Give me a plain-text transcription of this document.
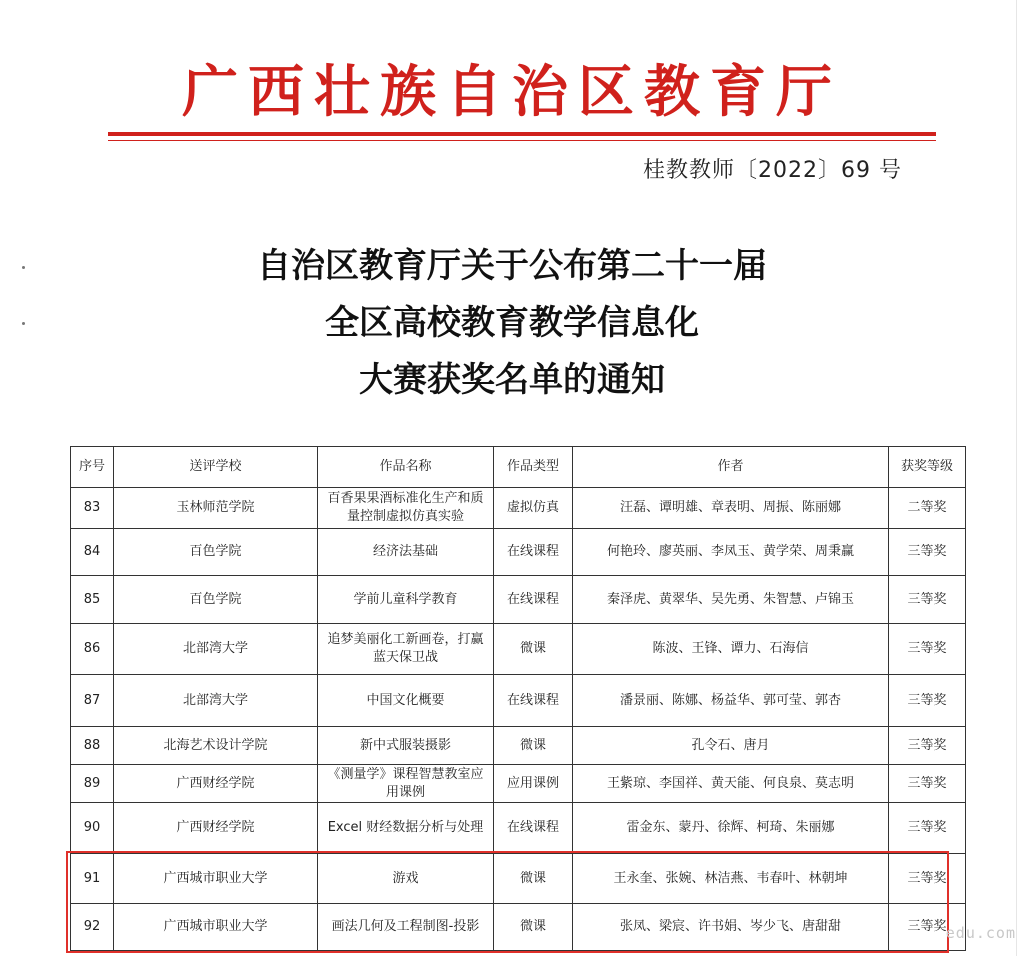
广西壮族自治区教育厅
桂教教师〔2022〕69 号
自治区教育厅关于公布第二十一届
全区高校教育教学信息化
大赛获奖名单的通知
序号	送评学校	作品名称	作品类型	作者	获奖等级
83	玉林师范学院	百香果果酒标准化生产和质量控制虚拟仿真实验	虚拟仿真	汪磊、谭明雄、章表明、周振、陈丽娜	二等奖
84	百色学院	经济法基础	在线课程	何艳玲、廖英丽、李凤玉、黄学荣、周秉赢	三等奖
85	百色学院	学前儿童科学教育	在线课程	秦泽虎、黄翠华、吴先勇、朱智慧、卢锦玉	三等奖
86	北部湾大学	追梦美丽化工新画卷，打赢蓝天保卫战	微课	陈波、王锋、谭力、石海信	三等奖
87	北部湾大学	中国文化概要	在线课程	潘景丽、陈娜、杨益华、郭可莹、郭杏	三等奖
88	北海艺术设计学院	新中式服装摄影	微课	孔令石、唐月	三等奖
89	广西财经学院	《测量学》课程智慧教室应用课例	应用课例	王紫琼、李国祥、黄天能、何良泉、莫志明	三等奖
90	广西财经学院	Excel 财经数据分析与处理	在线课程	雷金东、蒙丹、徐辉、柯琦、朱丽娜	三等奖
91	广西城市职业大学	游戏	微课	王永奎、张婉、林洁燕、韦春叶、林朝坤	三等奖
92	广西城市职业大学	画法几何及工程制图-投影	微课	张凤、梁宸、许书娟、岑少飞、唐甜甜	三等奖 edu.com
